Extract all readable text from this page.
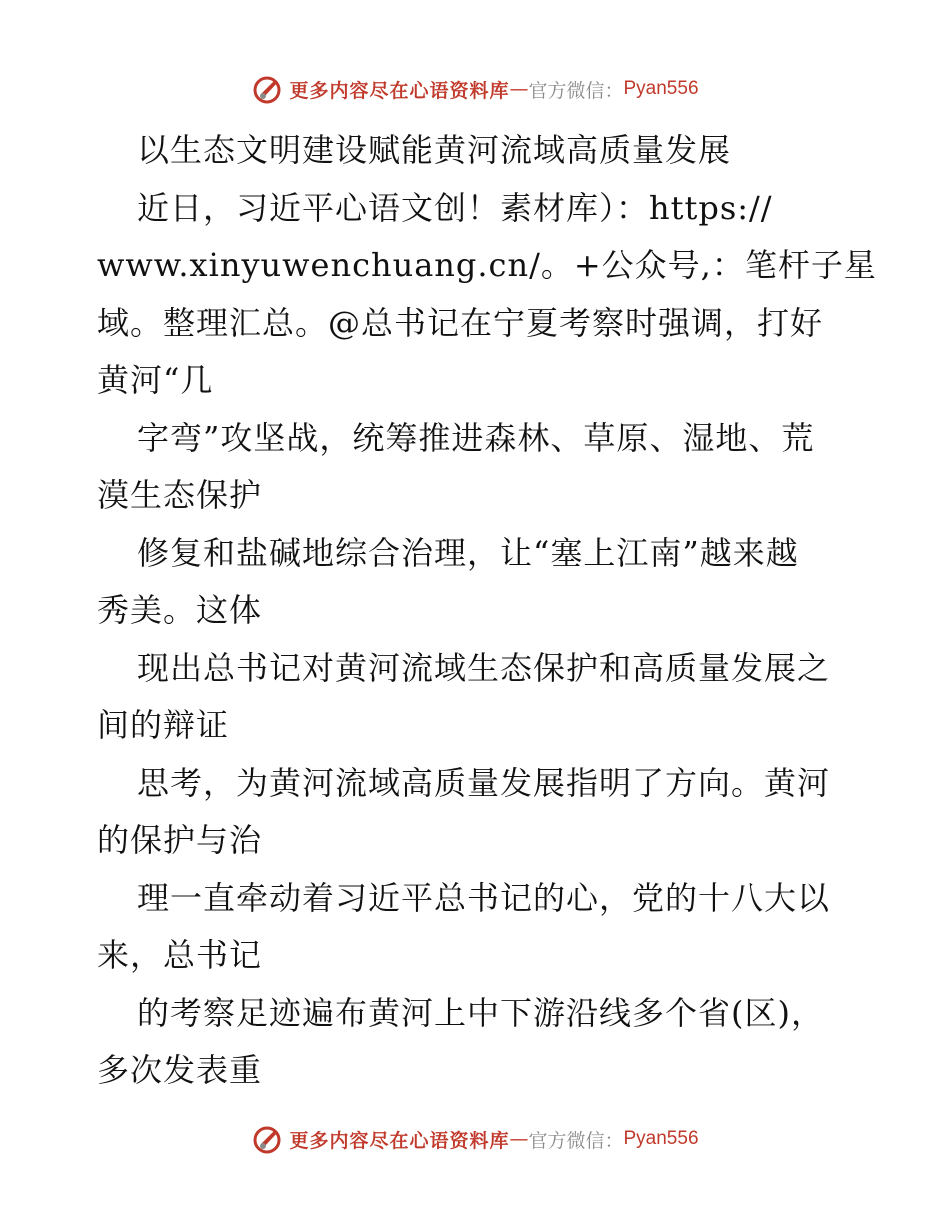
更多内容尽在心语资料库 — 官方微信： Pyan556
以生态文明建设赋能黄河流域高质量发展
近日，习近平心语文创！素材库）：https://
www.xinyuwenchuang.cn/。+公众号,：笔杆子星
域。整理汇总。@总书记在宁夏考察时强调，打好
黄河“几
字弯”攻坚战，统筹推进森林、草原、湿地、荒
漠生态保护
修复和盐碱地综合治理，让“塞上江南”越来越
秀美。这体
现出总书记对黄河流域生态保护和高质量发展之
间的辩证
思考，为黄河流域高质量发展指明了方向。黄河
的保护与治
理一直牵动着习近平总书记的心，党的十八大以
来，总书记
的考察足迹遍布黄河上中下游沿线多个省(区)，
多次发表重
更多内容尽在心语资料库 — 官方微信： Pyan556
